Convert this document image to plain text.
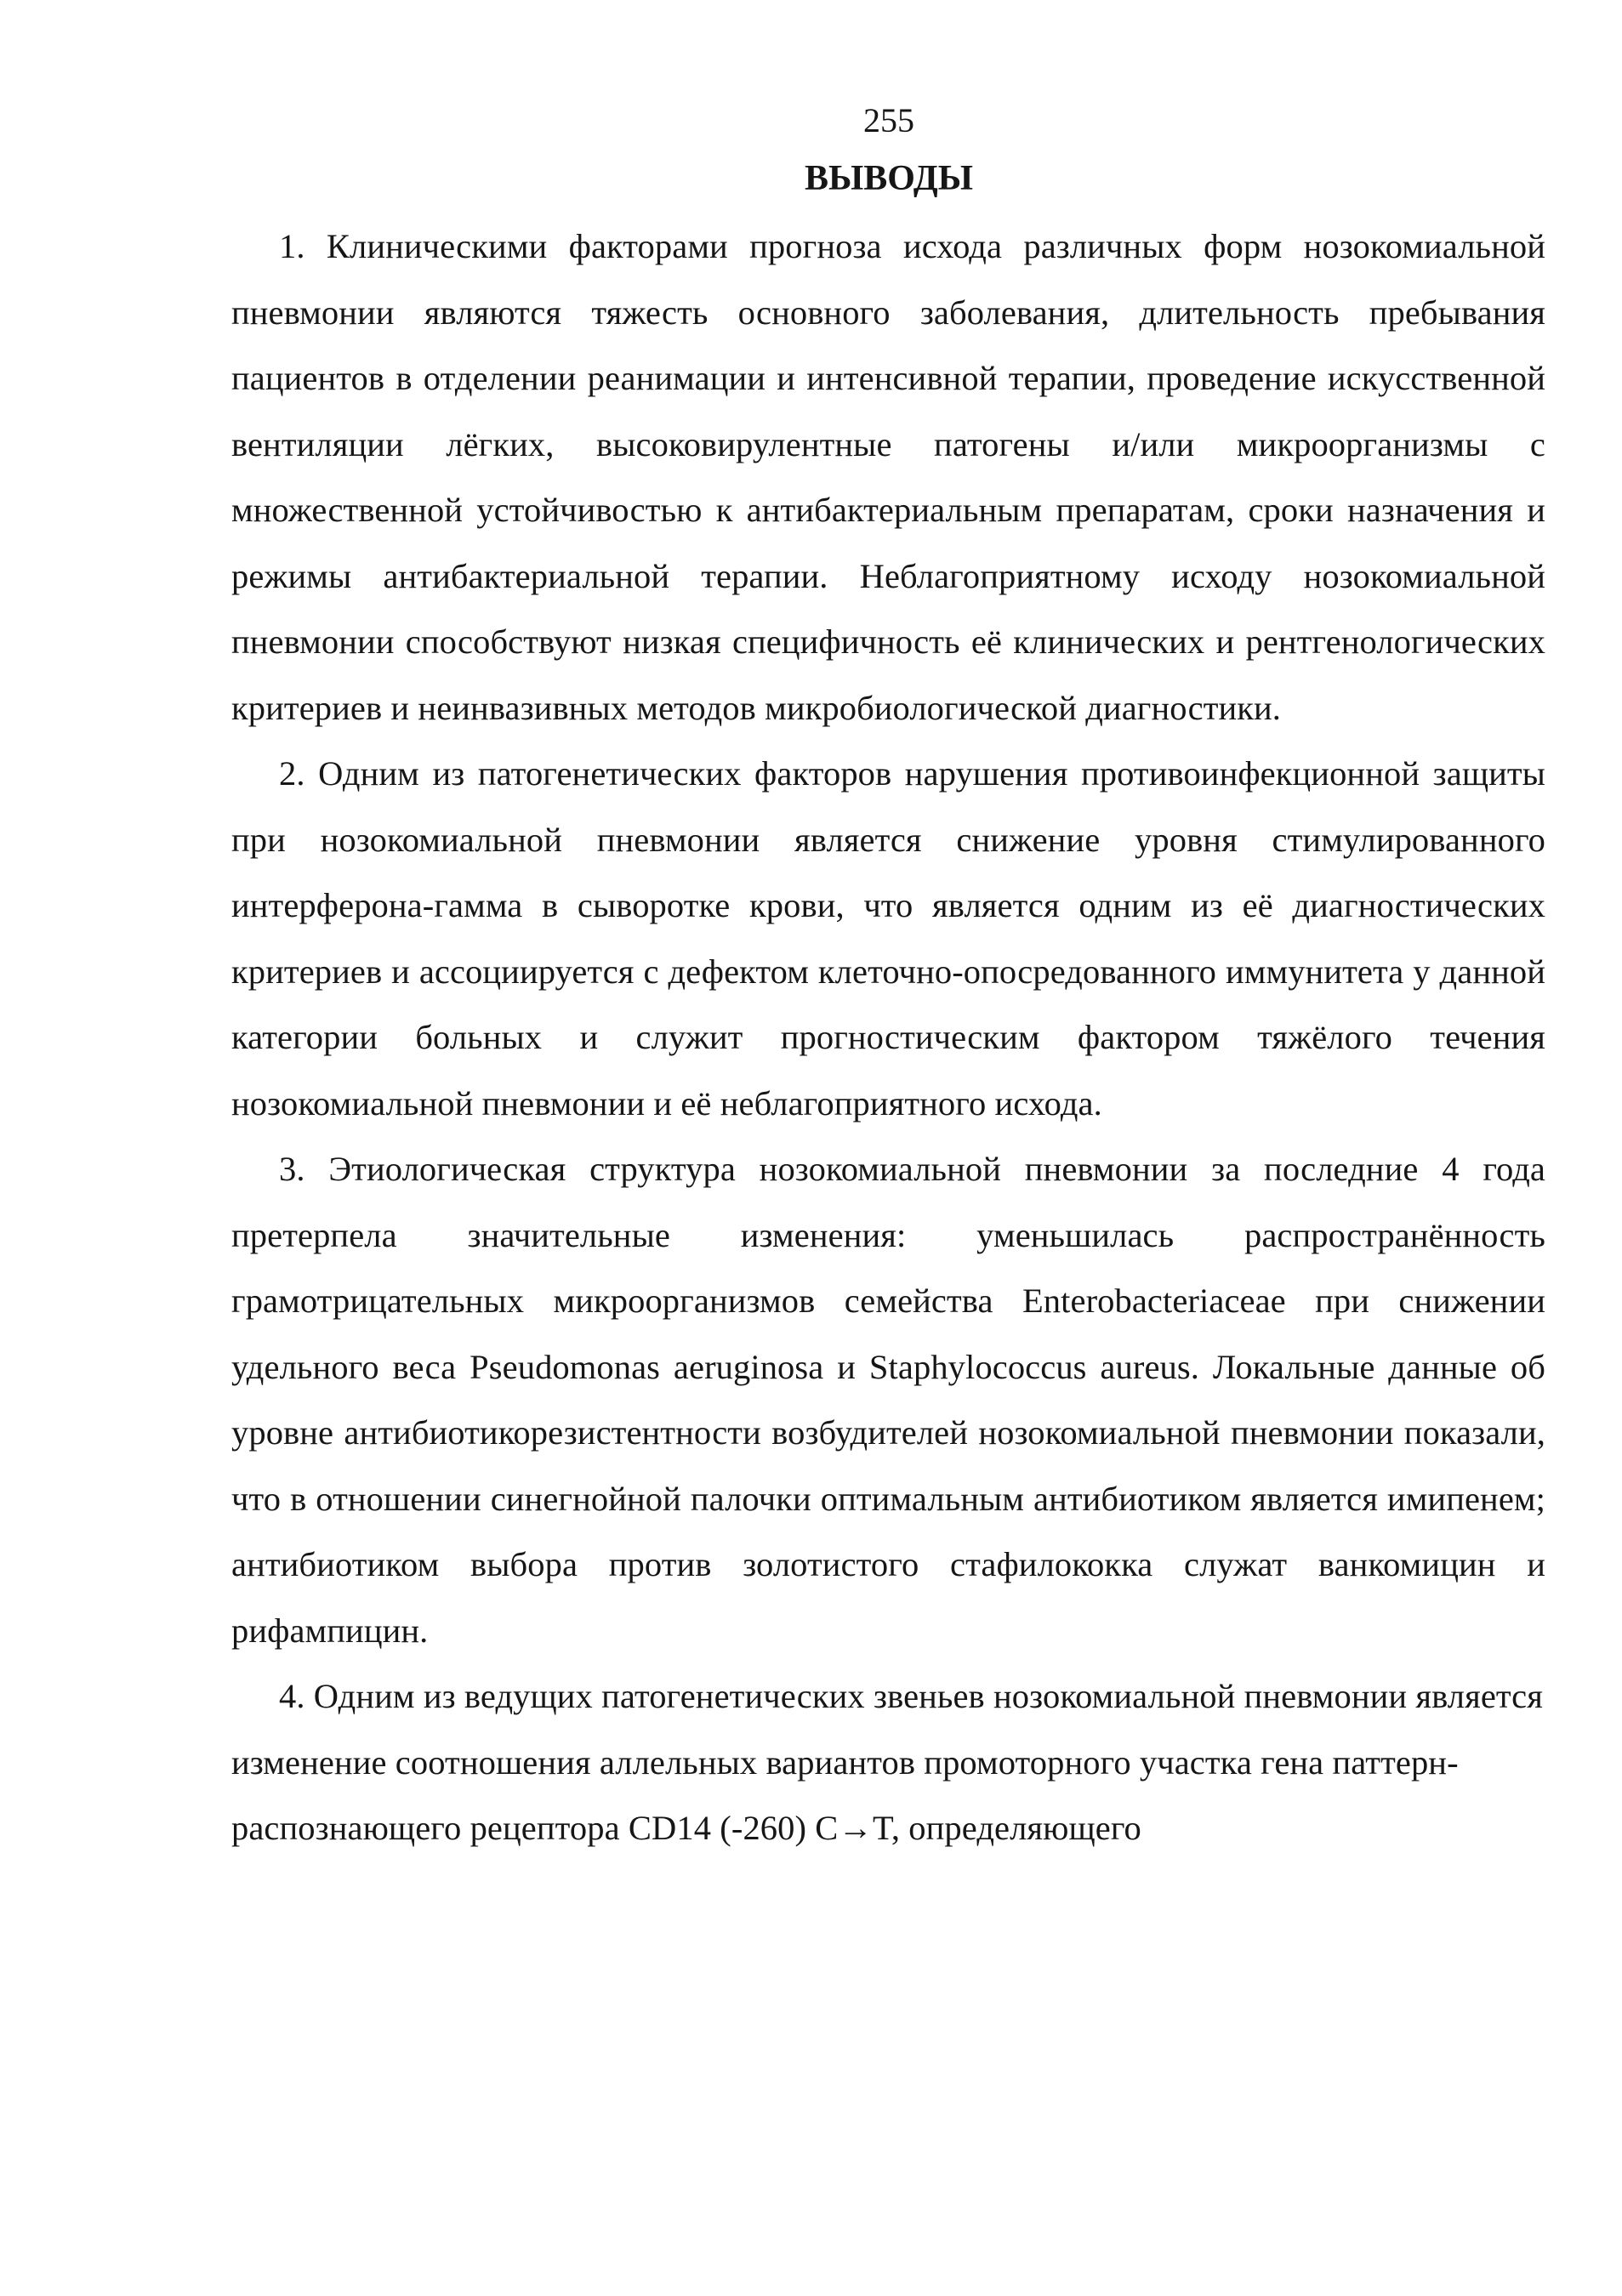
255
ВЫВОДЫ

1. Клиническими факторами прогноза исхода различных форм нозокомиальной пневмонии являются тяжесть основного заболевания, длительность пребывания пациентов в отделении реанимации и интенсивной терапии, проведение искусственной вентиляции лёгких, высоковирулентные патогены и/или микроорганизмы с множественной устойчивостью к антибактериальным препаратам, сроки назначения и режимы антибактериальной терапии. Неблагоприятному исходу нозокомиальной пневмонии способствуют низкая специфичность её клинических и рентгенологических критериев и неинвазивных методов микробиологической диагностики.

2. Одним из патогенетических факторов нарушения противоинфекционной защиты при нозокомиальной пневмонии является снижение уровня стимулированного интерферона-гамма в сыворотке крови, что является одним из её диагностических критериев и ассоциируется с дефектом клеточно-опосредованного иммунитета у данной категории больных и служит прогностическим фактором тяжёлого течения нозокомиальной пневмонии и её неблагоприятного исхода.

3. Этиологическая структура нозокомиальной пневмонии за последние 4 года претерпела значительные изменения: уменьшилась распространённость грамотрицательных микроорганизмов семейства Enterobacteriaceae при снижении удельного веса Pseudomonas aeruginosa и Staphylococcus aureus. Локальные данные об уровне антибиотикорезистентности возбудителей нозокомиальной пневмонии показали, что в отношении синегнойной палочки оптимальным антибиотиком является имипенем; антибиотиком выбора против золотистого стафилококка служат ванкомицин и рифампицин.

4. Одним из ведущих патогенетических звеньев нозокомиальной пневмонии является изменение соотношения аллельных вариантов промоторного участка гена паттерн-распознающего рецептора CD14 (-260) C→T, определяющего
